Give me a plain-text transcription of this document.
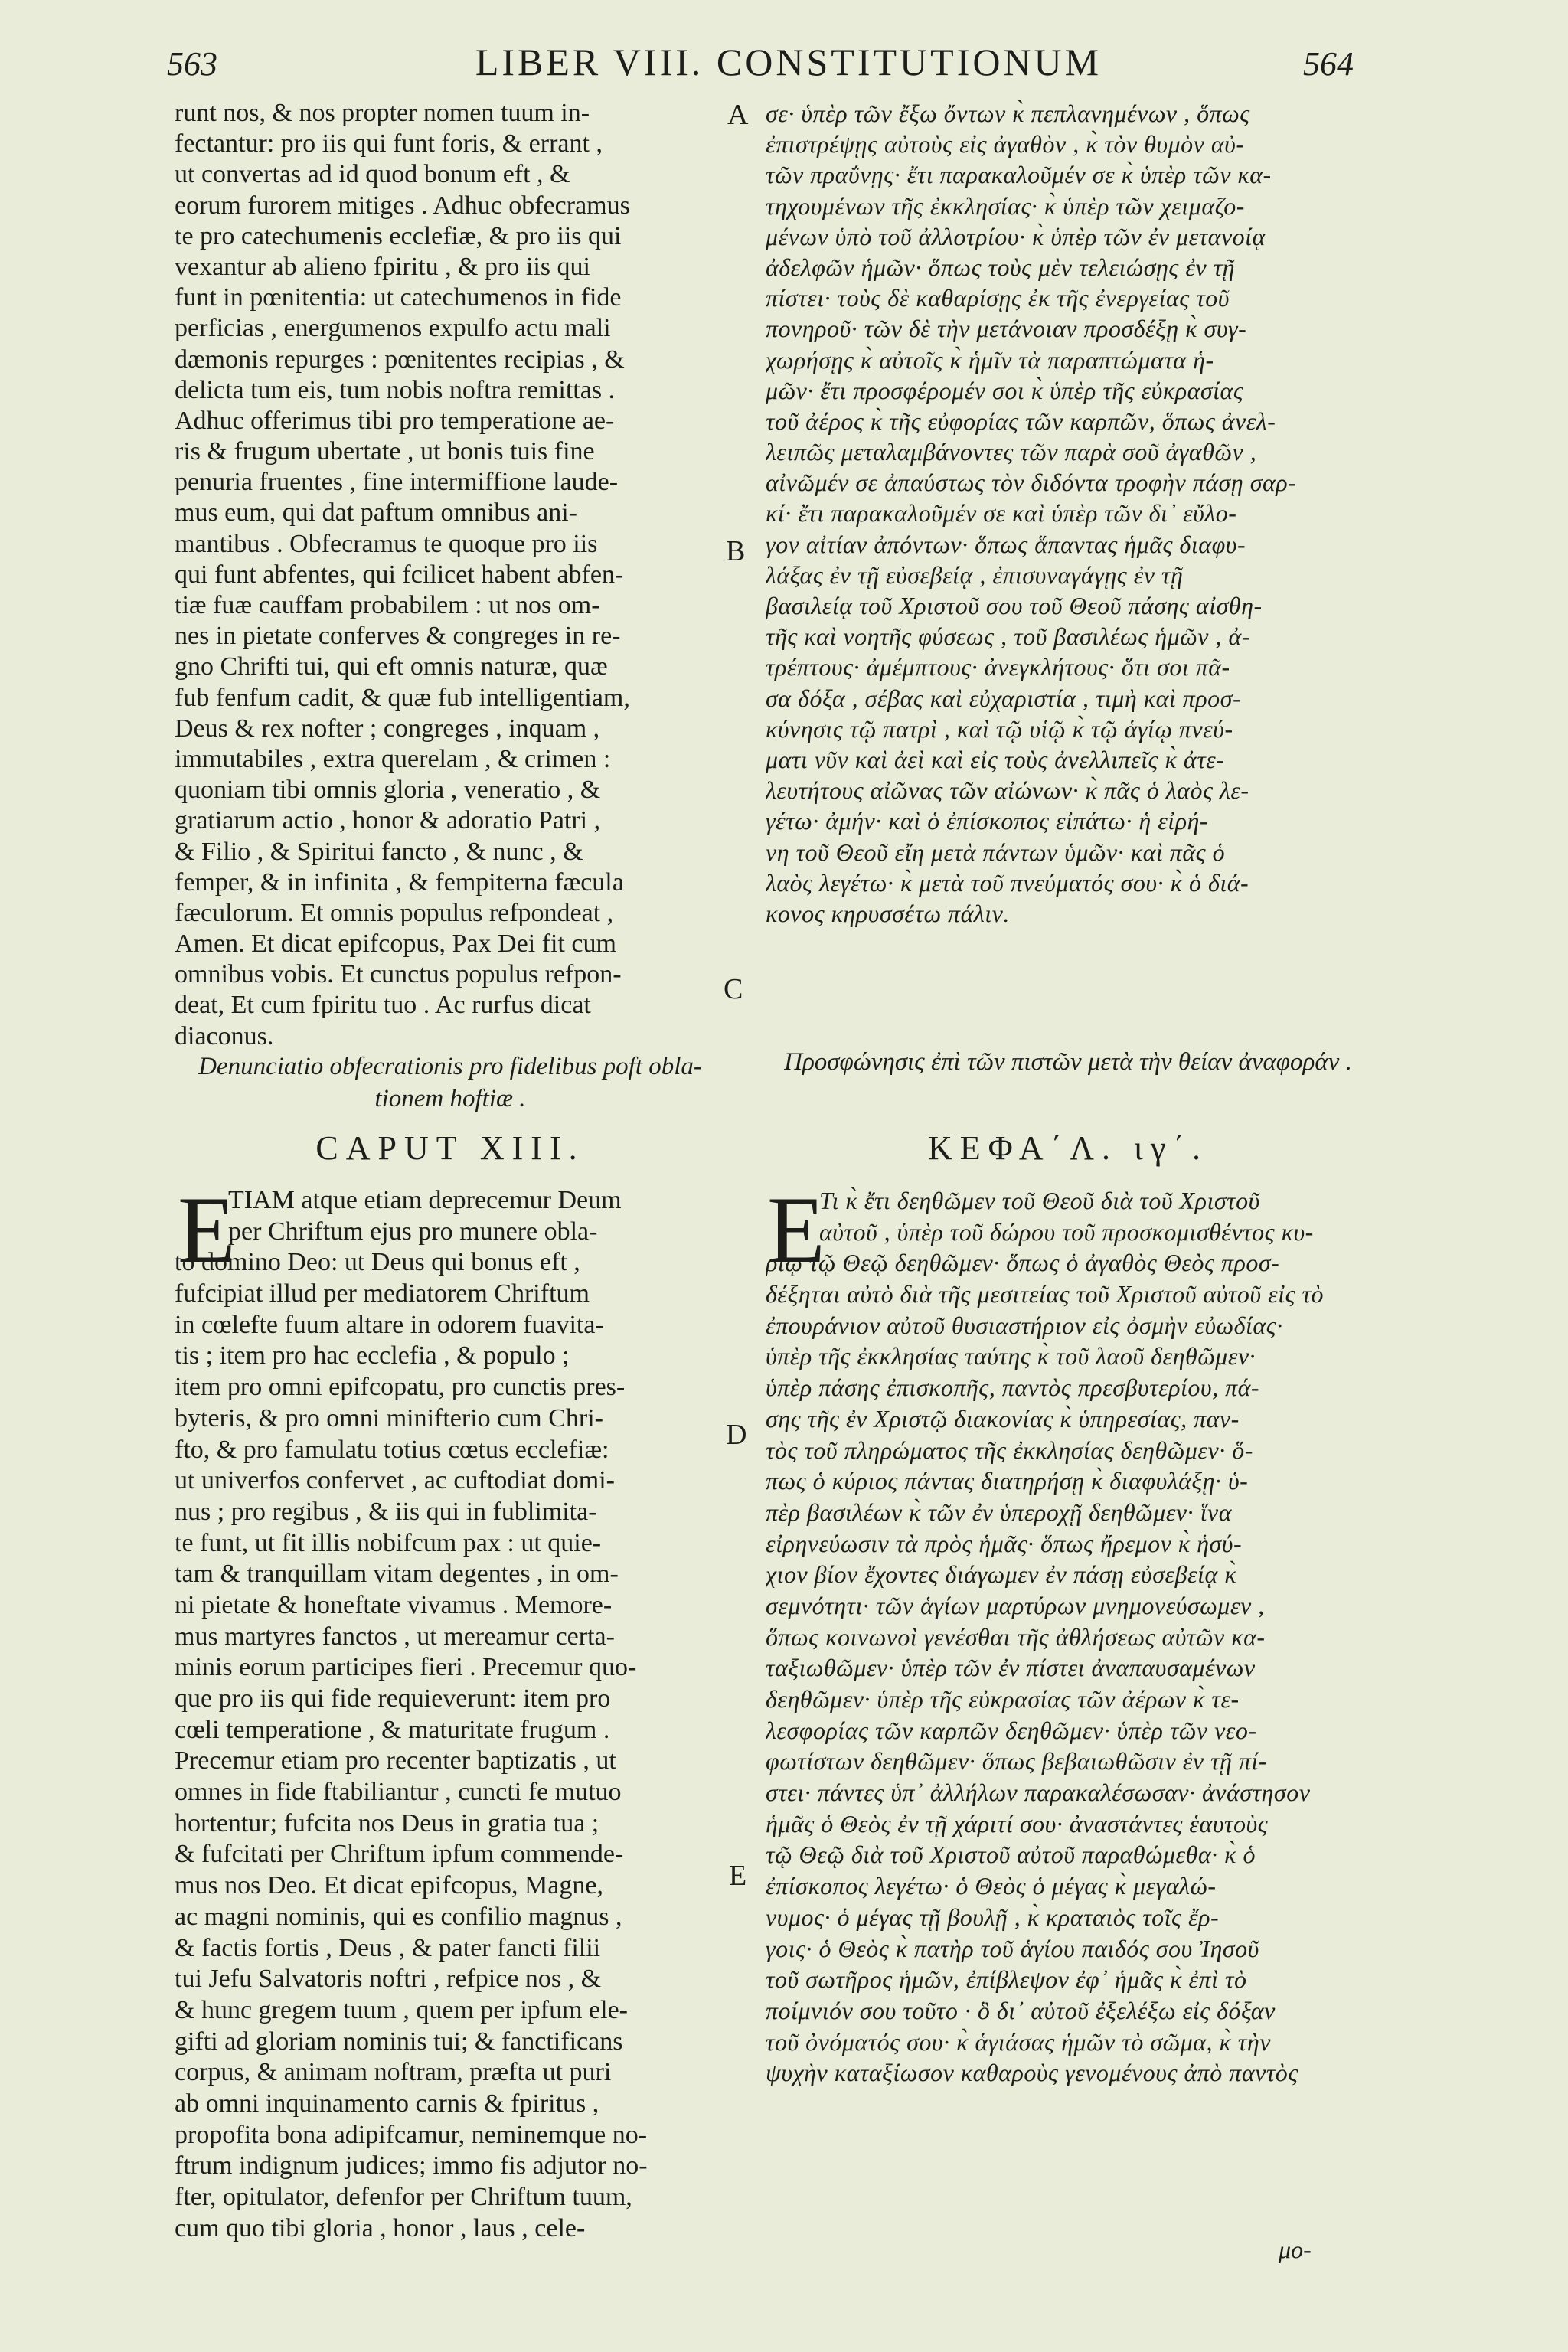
563	LIBER VIII. CONSTITUTIONUM	564
runt nos, & nos propter nomen tuum in-
fectantur: pro iis qui funt foris, & errant ,
ut convertas ad id quod bonum eft , &
eorum furorem mitiges . Adhuc obfecramus
te pro catechumenis ecclefiæ, & pro iis qui
vexantur ab alieno fpiritu , & pro iis qui
funt in pœnitentia: ut catechumenos in fide
perficias , energumenos expulfo actu mali
dæmonis repurges : pœnitentes recipias , &
delicta tum eis, tum nobis noftra remittas .
Adhuc offerimus tibi pro temperatione ae-
ris & frugum ubertate , ut bonis tuis fine
penuria fruentes , fine intermiffione laude-
mus eum, qui dat paftum omnibus ani-
mantibus . Obfecramus te quoque pro iis
qui funt abfentes, qui fcilicet habent abfen-
tiæ fuæ cauffam probabilem : ut nos om-
nes in pietate conferves & congreges in re-
gno Chrifti tui, qui eft omnis naturæ, quæ
fub fenfum cadit, & quæ fub intelligentiam,
Deus & rex nofter ; congreges , inquam ,
immutabiles , extra querelam , & crimen :
quoniam tibi omnis gloria , veneratio , &
gratiarum actio , honor & adoratio Patri ,
& Filio , & Spiritui fancto , & nunc , &
femper, & in infinita , & fempiterna fæcula
fæculorum. Et omnis populus refpondeat ,
Amen. Et dicat epifcopus, Pax Dei fit cum
omnibus vobis. Et cunctus populus refpon-
deat, Et cum fpiritu tuo . Ac rurfus dicat
diaconus.
σε· ὑπὲρ τῶν ἔξω ὄντων κ̀ πεπλανημένων , ὅπως
ἐπιστρέψῃς αὐτοὺς εἰς ἀγαθὸν , κ̀ τὸν θυμὸν αὐ-
τῶν πραΰνῃς· ἔτι παρακαλοῦμέν σε κ̀ ὑπὲρ τῶν κα-
τηχουμένων τῆς ἐκκλησίας· κ̀ ὑπὲρ τῶν χειμαζο-
μένων ὑπὸ τοῦ ἀλλοτρίου· κ̀ ὑπὲρ τῶν ἐν μετανοίᾳ
ἀδελφῶν ἡμῶν· ὅπως τοὺς μὲν τελειώσῃς ἐν τῇ
πίστει· τοὺς δὲ καθαρίσῃς ἐκ τῆς ἐνεργείας τοῦ
πονηροῦ· τῶν δὲ τὴν μετάνοιαν προσδέξῃ κ̀ συγ-
χωρήσῃς κ̀ αὐτοῖς κ̀ ἡμῖν τὰ παραπτώματα ἡ-
μῶν· ἔτι προσφέρομέν σοι κ̀ ὑπὲρ τῆς εὐκρασίας
τοῦ ἀέρος κ̀ τῆς εὐφορίας τῶν καρπῶν, ὅπως ἀνελ-
λειπῶς μεταλαμβάνοντες τῶν παρὰ σοῦ ἀγαθῶν ,
αἰνῶμέν σε ἀπαύστως τὸν διδόντα τροφὴν πάσῃ σαρ-
κί· ἔτι παρακαλοῦμέν σε καὶ ὑπὲρ τῶν δι᾽ εὔλο-
γον αἰτίαν ἀπόντων· ὅπως ἅπαντας ἡμᾶς διαφυ-
λάξας ἐν τῇ εὐσεβείᾳ , ἐπισυναγάγῃς ἐν τῇ
βασιλείᾳ τοῦ Χριστοῦ σου τοῦ Θεοῦ πάσης αἰσθη-
τῆς καὶ νοητῆς φύσεως , τοῦ βασιλέως ἡμῶν , ἀ-
τρέπτους· ἀμέμπτους· ἀνεγκλήτους· ὅτι σοι πᾶ-
σα δόξα , σέβας καὶ εὐχαριστία , τιμὴ καὶ προσ-
κύνησις τῷ πατρὶ , καὶ τῷ υἱῷ κ̀ τῷ ἁγίῳ πνεύ-
ματι νῦν καὶ ἀεὶ καὶ εἰς τοὺς ἀνελλιπεῖς κ̀ ἀτε-
λευτήτους αἰῶνας τῶν αἰώνων· κ̀ πᾶς ὁ λαὸς λε-
γέτω· ἀμήν· καὶ ὁ ἐπίσκοπος εἰπάτω· ἡ εἰρή-
νη τοῦ Θεοῦ εἴη μετὰ πάντων ὑμῶν· καὶ πᾶς ὁ
λαὸς λεγέτω· κ̀ μετὰ τοῦ πνεύματός σου· κ̀ ὁ διά-
κονος κηρυσσέτω πάλιν.
A
B
C
D
E
Denunciatio obfecrationis pro fidelibus poft obla- tionem hoftiæ .
Προσφώνησις ἐπὶ τῶν πιστῶν μετὰ τὴν θείαν ἀναφοράν .
CAPUT XIII.	ΚΕΦΑ΄Λ. ιγ΄.
E	E
TIAM atque etiam deprecemur Deum
per Chriftum ejus pro munere obla-
to domino Deo: ut Deus qui bonus eft ,
fufcipiat illud per mediatorem Chriftum
in cœlefte fuum altare in odorem fuavita-
tis ; item pro hac ecclefia , & populo ;
item pro omni epifcopatu, pro cunctis pres-
byteris, & pro omni minifterio cum Chri-
fto, & pro famulatu totius cœtus ecclefiæ:
ut univerfos confervet , ac cuftodiat domi-
nus ; pro regibus , & iis qui in fublimita-
te funt, ut fit illis nobifcum pax : ut quie-
tam & tranquillam vitam degentes , in om-
ni pietate & honeftate vivamus . Memore-
mus martyres fanctos , ut mereamur certa-
minis eorum participes fieri . Precemur quo-
que pro iis qui fide requieverunt: item pro
cœli temperatione , & maturitate frugum .
Precemur etiam pro recenter baptizatis , ut
omnes in fide ftabiliantur , cuncti fe mutuo
hortentur; fufcita nos Deus in gratia tua ;
& fufcitati per Chriftum ipfum commende-
mus nos Deo. Et dicat epifcopus, Magne,
ac magni nominis, qui es confilio magnus ,
& factis fortis , Deus , & pater fancti filii
tui Jefu Salvatoris noftri , refpice nos , &
& hunc gregem tuum , quem per ipfum ele-
gifti ad gloriam nominis tui; & fanctificans
corpus, & animam noftram, præfta ut puri
ab omni inquinamento carnis & fpiritus ,
propofita bona adipifcamur, neminemque no-
ftrum indignum judices; immo fis adjutor no-
fter, opitulator, defenfor per Chriftum tuum,
cum quo tibi gloria , honor , laus , cele-
Τι κ̀ ἔτι δεηθῶμεν τοῦ Θεοῦ διὰ τοῦ Χριστοῦ
αὐτοῦ , ὑπὲρ τοῦ δώρου τοῦ προσκομισθέντος κυ-
ρίῳ τῷ Θεῷ δεηθῶμεν· ὅπως ὁ ἀγαθὸς Θεὸς προσ-
δέξηται αὐτὸ διὰ τῆς μεσιτείας τοῦ Χριστοῦ αὐτοῦ εἰς τὸ
ἐπουράνιον αὐτοῦ θυσιαστήριον εἰς ὀσμὴν εὐωδίας·
ὑπὲρ τῆς ἐκκλησίας ταύτης κ̀ τοῦ λαοῦ δεηθῶμεν·
ὑπὲρ πάσης ἐπισκοπῆς, παντὸς πρεσβυτερίου, πά-
σης τῆς ἐν Χριστῷ διακονίας κ̀ ὑπηρεσίας, παν-
τὸς τοῦ πληρώματος τῆς ἐκκλησίας δεηθῶμεν· ὅ-
πως ὁ κύριος πάντας διατηρήσῃ κ̀ διαφυλάξῃ· ὑ-
πὲρ βασιλέων κ̀ τῶν ἐν ὑπεροχῇ δεηθῶμεν· ἵνα
εἰρηνεύωσιν τὰ πρὸς ἡμᾶς· ὅπως ἤρεμον κ̀ ἡσύ-
χιον βίον ἔχοντες διάγωμεν ἐν πάσῃ εὐσεβείᾳ κ̀
σεμνότητι· τῶν ἁγίων μαρτύρων μνημονεύσωμεν ,
ὅπως κοινωνοὶ γενέσθαι τῆς ἀθλήσεως αὐτῶν κα-
ταξιωθῶμεν· ὑπὲρ τῶν ἐν πίστει ἀναπαυσαμένων
δεηθῶμεν· ὑπὲρ τῆς εὐκρασίας τῶν ἀέρων κ̀ τε-
λεσφορίας τῶν καρπῶν δεηθῶμεν· ὑπὲρ τῶν νεο-
φωτίστων δεηθῶμεν· ὅπως βεβαιωθῶσιν ἐν τῇ πί-
στει· πάντες ὑπ᾽ ἀλλήλων παρακαλέσωσαν· ἀνάστησον
ἡμᾶς ὁ Θεὸς ἐν τῇ χάριτί σου· ἀναστάντες ἑαυτοὺς
τῷ Θεῷ διὰ τοῦ Χριστοῦ αὐτοῦ παραθώμεθα· κ̀ ὁ
ἐπίσκοπος λεγέτω· ὁ Θεὸς ὁ μέγας κ̀ μεγαλώ-
νυμος· ὁ μέγας τῇ βουλῇ , κ̀ κραταιὸς τοῖς ἔρ-
γοις· ὁ Θεὸς κ̀ πατὴρ τοῦ ἁγίου παιδός σου Ἰησοῦ
τοῦ σωτῆρος ἡμῶν, ἐπίβλεψον ἐφ᾽ ἡμᾶς κ̀ ἐπὶ τὸ
ποίμνιόν σου τοῦτο · ὃ δι᾽ αὐτοῦ ἐξελέξω εἰς δόξαν
τοῦ ὀνόματός σου· κ̀ ἁγιάσας ἡμῶν τὸ σῶμα, κ̀ τὴν
ψυχὴν καταξίωσον καθαροὺς γενομένους ἀπὸ παντὸς
μο-
